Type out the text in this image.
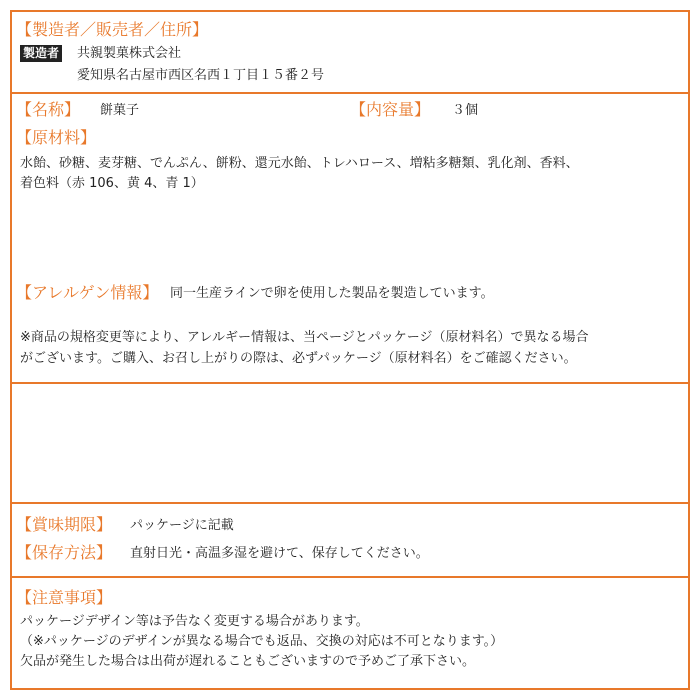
【製造者／販売者／住所】
製造者 共親製菓株式会社
愛知県名古屋市西区名西１丁目１５番２号
【名称】 餅菓子	【内容量】 ３個
【原材料】
水飴、砂糖、麦芽糖、でんぷん、餅粉、還元水飴、トレハロース、増粘多糖類、乳化剤、香料、
着色料（赤 106、黄 4、青 1）
【アレルゲン情報】 同一生産ラインで卵を使用した製品を製造しています。
※商品の規格変更等により、アレルギー情報は、当ページとパッケージ（原材料名）で異なる場合
がございます。ご購入、お召し上がりの際は、必ずパッケージ（原材料名）をご確認ください。
【賞味期限】 パッケージに記載
【保存方法】 直射日光・高温多湿を避けて、保存してください。
【注意事項】
パッケージデザイン等は予告なく変更する場合があります。
（※パッケージのデザインが異なる場合でも返品、交換の対応は不可となります。）
欠品が発生した場合は出荷が遅れることもございますので予めご了承下さい。
